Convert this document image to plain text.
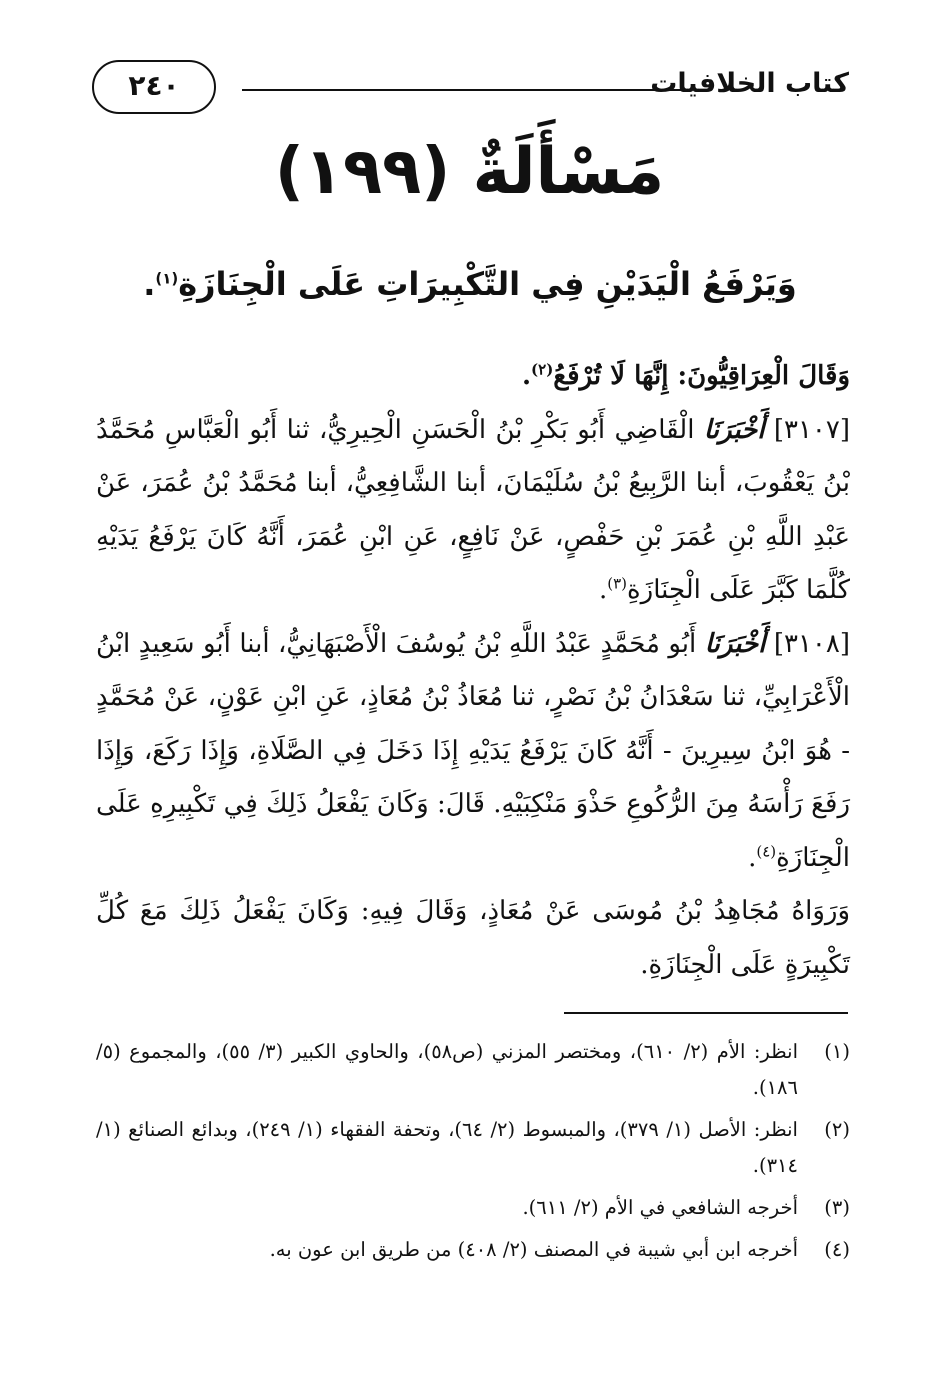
٢٤٠	كتاب الخلافيات
مَسْأَلَةٌ (١٩٩)
وَيَرْفَعُ الْيَدَيْنِ فِي التَّكْبِيرَاتِ عَلَى الْجِنَازَةِ$^{(١)}$.

وَقَالَ الْعِرَاقِيُّونَ: إِنَّهَا لَا تُرْفَعُ$^{(٢)}$.

[٣١٠٧] أَخْبَرَنَا الْقَاضِي أَبُو بَكْرِ بْنُ الْحَسَنِ الْحِيرِيُّ، ثنا أَبُو الْعَبَّاسِ مُحَمَّدُ بْنُ يَعْقُوبَ، أبنا الرَّبِيعُ بْنُ سُلَيْمَانَ، أبنا الشَّافِعِيُّ، أبنا مُحَمَّدُ بْنُ عُمَرَ، عَنْ عَبْدِ اللَّهِ بْنِ عُمَرَ بْنِ حَفْصٍ، عَنْ نَافِعٍ، عَنِ ابْنِ عُمَرَ، أَنَّهُ كَانَ يَرْفَعُ يَدَيْهِ كُلَّمَا كَبَّرَ عَلَى الْجِنَازَةِ$^{(٣)}$.

[٣١٠٨] أَخْبَرَنَا أَبُو مُحَمَّدٍ عَبْدُ اللَّهِ بْنُ يُوسُفَ الْأَصْبَهَانِيُّ، أبنا أَبُو سَعِيدٍ ابْنُ الْأَعْرَابِيِّ، ثنا سَعْدَانُ بْنُ نَصْرٍ، ثنا مُعَاذُ بْنُ مُعَاذٍ، عَنِ ابْنِ عَوْنٍ، عَنْ مُحَمَّدٍ - هُوَ ابْنُ سِيرِينَ - أَنَّهُ كَانَ يَرْفَعُ يَدَيْهِ إِذَا دَخَلَ فِي الصَّلَاةِ، وَإِذَا رَكَعَ، وَإِذَا رَفَعَ رَأْسَهُ مِنَ الرُّكُوعِ حَذْوَ مَنْكِبَيْهِ. قَالَ: وَكَانَ يَفْعَلُ ذَلِكَ فِي تَكْبِيرِهِ عَلَى الْجِنَازَةِ$^{(٤)}$.

وَرَوَاهُ مُجَاهِدُ بْنُ مُوسَى عَنْ مُعَاذٍ، وَقَالَ فِيهِ: وَكَانَ يَفْعَلُ ذَلِكَ مَعَ كُلِّ تَكْبِيرَةٍ عَلَى الْجِنَازَةِ.

(١)
انظر: الأم (٢/ ٦١٠)، ومختصر المزني (ص٥٨)، والحاوي الكبير (٣/ ٥٥)، والمجموع (٥/ ١٨٦).
(٢)
انظر: الأصل (١/ ٣٧٩)، والمبسوط (٢/ ٦٤)، وتحفة الفقهاء (١/ ٢٤٩)، وبدائع الصنائع (١/ ٣١٤).
(٣)
أخرجه الشافعي في الأم (٢/ ٦١١).
(٤)
أخرجه ابن أبي شيبة في المصنف (٢/ ٤٠٨) من طريق ابن عون به.
